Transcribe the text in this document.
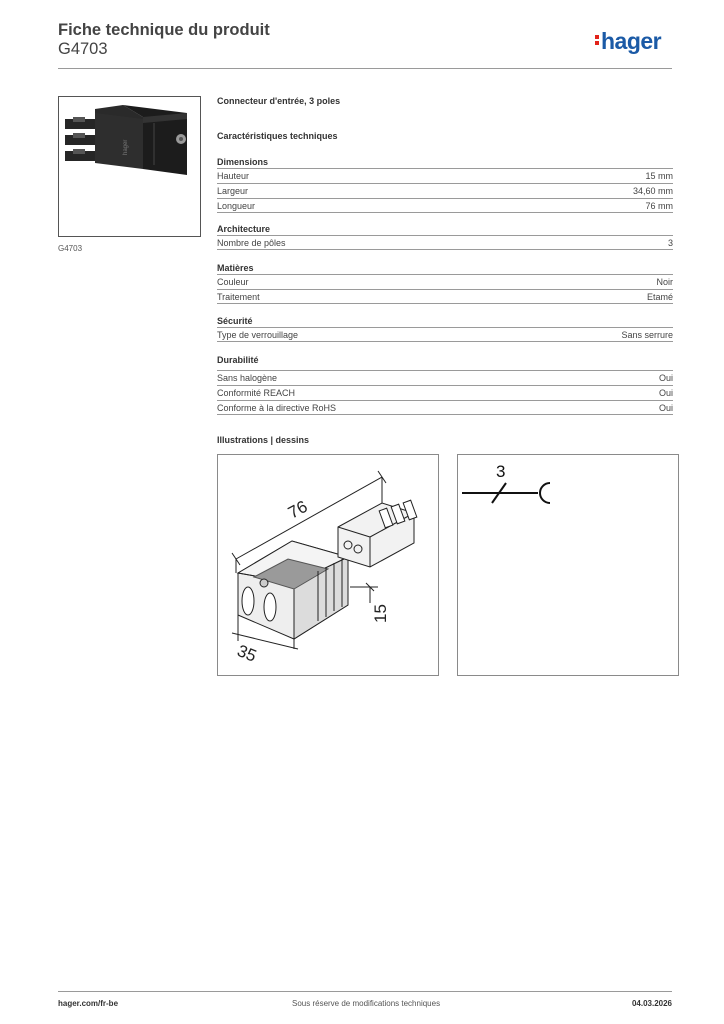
Fiche technique du produit
G4703	hager
hager
G4703
Connecteur d'entrée, 3 poles
Caractéristiques techniques
Dimensions
Hauteur	15 mm
Largeur	34,60 mm
Longueur	76 mm
Architecture
Nombre de pôles	3
Matières
Couleur	Noir
Traitement	Etamé
Sécurité
Type de verrouillage	Sans serrure
Durabilité
Sans halogène	Oui
Conformité REACH	Oui
Conforme à la directive RoHS	Oui
Illustrations | dessins
76
15
35
3
hager.com/fr-be	Sous réserve de modifications techniques	04.03.2026
